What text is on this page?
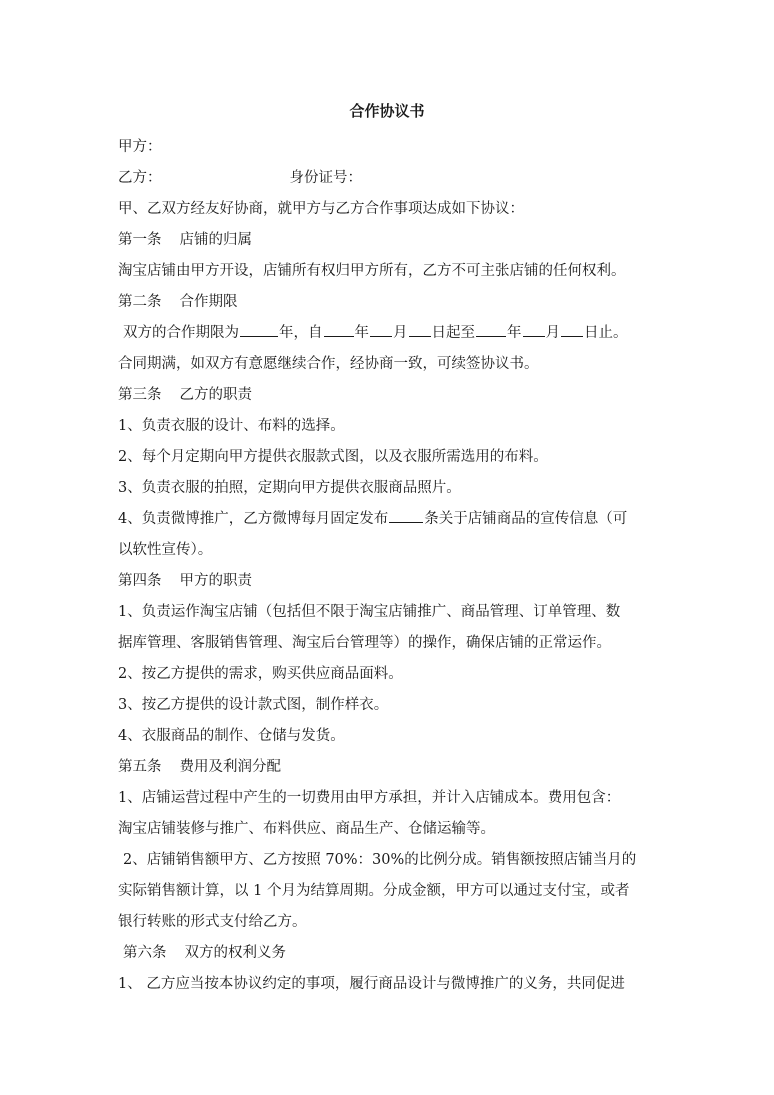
合作协议书
甲方：
乙方：	身份证号：
甲、乙双方经友好协商，就甲方与乙方合作事项达成如下协议：
第一条 店铺的归属
淘宝店铺由甲方开设，店铺所有权归甲方所有，乙方不可主张店铺的任何权利。
第二条 合作期限
双方的合作期限为	年，自 年 月 日起至 年 月 日止。
合同期满，如双方有意愿继续合作，经协商一致，可续签协议书。
第三条 乙方的职责
1、负责衣服的设计、布料的选择。
2、每个月定期向甲方提供衣服款式图，以及衣服所需选用的布料。
3、负责衣服的拍照，定期向甲方提供衣服商品照片。
4、负责微博推广，乙方微博每月固定发布 条关于店铺商品的宣传信息（可
以软性宣传）。
第四条 甲方的职责
1、负责运作淘宝店铺（包括但不限于淘宝店铺推广、商品管理、订单管理、数
据库管理、客服销售管理、淘宝后台管理等）的操作，确保店铺的正常运作。
2、按乙方提供的需求，购买供应商品面料。
3、按乙方提供的设计款式图，制作样衣。
4、衣服商品的制作、仓储与发货。
第五条 费用及利润分配
1、店铺运营过程中产生的一切费用由甲方承担，并计入店铺成本。费用包含：
淘宝店铺装修与推广、布料供应、商品生产、仓储运输等。
2、店铺销售额甲方、乙方按照 70%：30%的比例分成。销售额按照店铺当月的
实际销售额计算，以 1 个月为结算周期。分成金额，甲方可以通过支付宝，或者
银行转账的形式支付给乙方。
第六条 双方的权利义务
1、 乙方应当按本协议约定的事项，履行商品设计与微博推广的义务，共同促进
